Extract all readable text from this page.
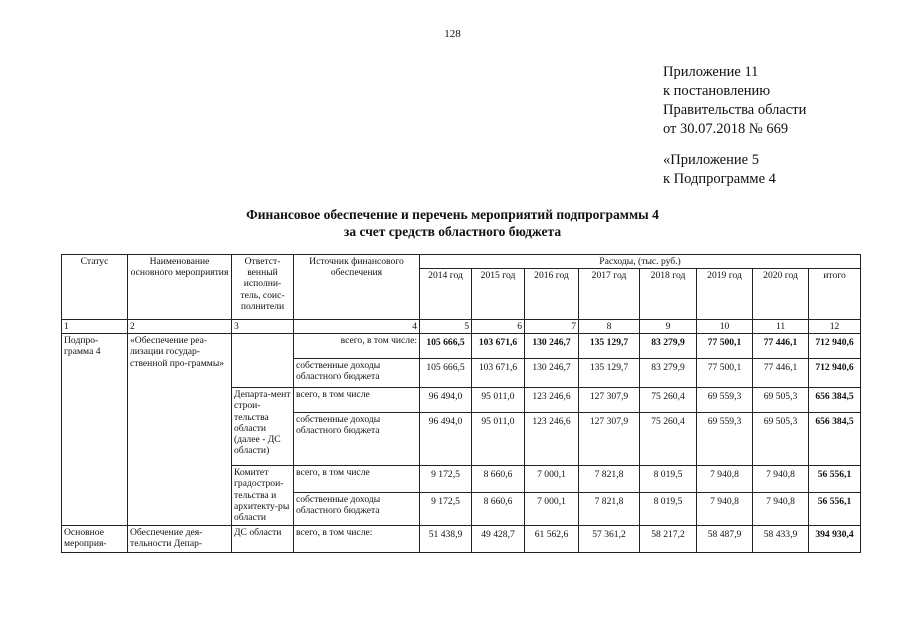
128
Приложение 11
к постановлению
Правительства области
от 30.07.2018 № 669
«Приложение 5
к Подпрограмме 4
Финансовое обеспечение и перечень мероприятий подпрограммы 4
за счет средств областного бюджета
Статус	Наименование основного мероприятия	Ответст-венный исполни-тель, соис-полнители	Источник финансового обеспечения	Расходы, (тыс. руб.)							
				2014 год	2015 год	2016 год	2017 год	2018 год	2019 год	2020 год	итого
1	2	3	4	5	6	7	8	9	10	11	12
Подпро-грамма 4	«Обеспечение реа-лизации государ-ственной про-граммы»		всего, в том числе:	105 666,5	103 671,6	130 246,7	135 129,7	83 279,9	77 500,1	77 446,1	712 940,6
			собственные доходы областного бюджета	105 666,5	103 671,6	130 246,7	135 129,7	83 279,9	77 500,1	77 446,1	712 940,6
		Департа-мент строи-тельства области (далее - ДС области)	всего, в том числе	96 494,0	95 011,0	123 246,6	127 307,9	75 260,4	69 559,3	69 505,3	656 384,5
			собственные доходы областного бюджета	96 494,0	95 011,0	123 246,6	127 307,9	75 260,4	69 559,3	69 505,3	656 384,5
		Комитет градострои-тельства и архитекту-ры области	всего, в том числе	9 172,5	8 660,6	7 000,1	7 821,8	8 019,5	7 940,8	7 940,8	56 556,1
			собственные доходы областного бюджета	9 172,5	8 660,6	7 000,1	7 821,8	8 019,5	7 940,8	7 940,8	56 556,1
Основное мероприя-	Обеспечение дея-тельности Депар-	ДС области	всего, в том числе:	51 438,9	49 428,7	61 562,6	57 361,2	58 217,2	58 487,9	58 433,9	394 930,4
